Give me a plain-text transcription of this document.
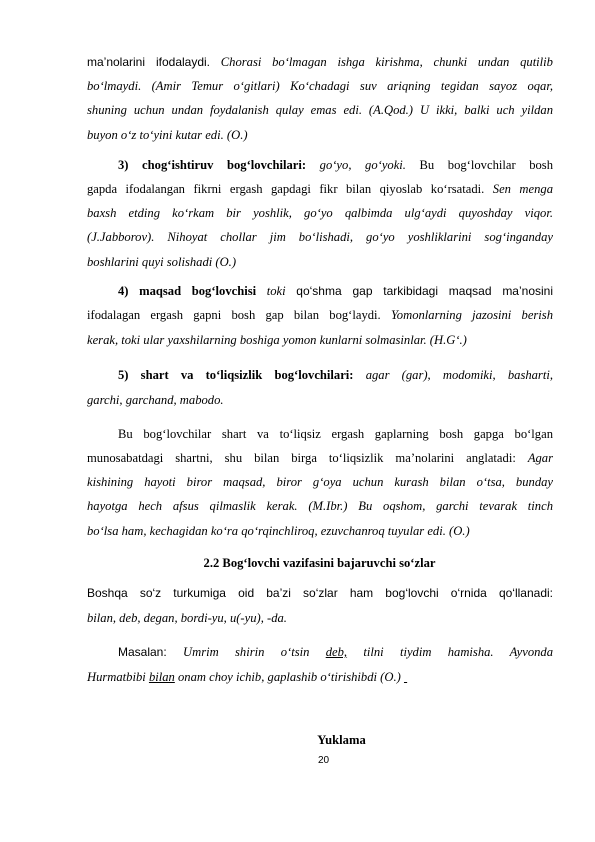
ma’nolarini ifodalaydi. Chorasi bo‘lmagan ishga kirishma, chunki undan qutilib
bo‘lmaydi. (Amir Temur o‘gitlari) Ko‘chadagi suv ariqning tegidan sayoz oqar,
shuning uchun undan foydalanish qulay emas edi. (A.Qod.) U ikki, balki uch yildan
buyon o‘z to‘yini kutar edi. (O.)
3) chog‘ishtiruv bog‘lovchilari: go‘yo, go‘yoki. Bu bog‘lovchilar bosh
gapda ifodalangan fikrni ergash gapdagi fikr bilan qiyoslab ko‘rsatadi. Sen menga
baxsh etding ko‘rkam bir yoshlik, go‘yo qalbimda ulg‘aydi quyoshday viqor.
(J.Jabborov). Nihoyat chollar jim bo‘lishadi, go‘yo yoshliklarini sog‘inganday
boshlarini quyi solishadi (O.)
4) maqsad bog‘lovchisi toki qo‘shma gap tarkibidagi maqsad ma’nosini
ifodalagan ergash gapni bosh gap bilan bog‘laydi. Yomonlarning jazosini berish
kerak, toki ular yaxshilarning boshiga yomon kunlarni solmasinlar. (H.G‘.)
5) shart va to‘liqsizlik bog‘lovchilari: agar (gar), modomiki, basharti,
garchi, garchand, mabodo.
Bu bog‘lovchilar shart va to‘liqsiz ergash gaplarning bosh gapga bo‘lgan
munosabatdagi shartni, shu bilan birga to‘liqsizlik ma’nolarini anglatadi: Agar
kishining hayoti biror maqsad, biror g‘oya uchun kurash bilan o‘tsa, bunday
hayotga hech afsus qilmaslik kerak. (M.Ibr.) Bu oqshom, garchi tevarak tinch
bo‘lsa ham, kechagidan ko‘ra qo‘rqinchliroq, ezuvchanroq tuyular edi. (O.)
2.2 Bog‘lovchi vazifasini bajaruvchi so‘zlar
Boshqa so‘z turkumiga oid ba’zi so‘zlar ham bog‘lovchi o‘rnida qo‘llanadi:
bilan, deb, degan, bordi-yu, u(-yu), -da.
Masalan: Umrim shirin o‘tsin deb, tilni tiydim hamisha. Ayvonda
Hurmatbibi bilan onam choy ichib, gaplashib o‘tirishibdi (O.)
Yuklama
20
